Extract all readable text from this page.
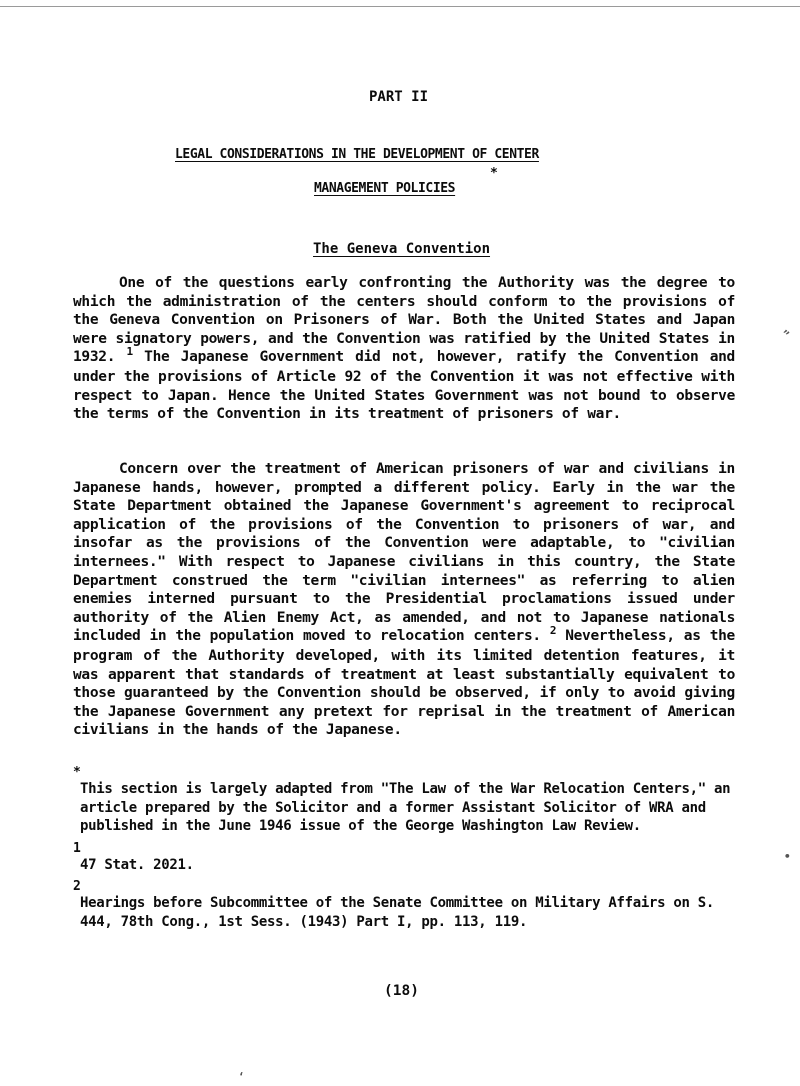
PART II
LEGAL CONSIDERATIONS IN THE DEVELOPMENT OF CENTER
*
MANAGEMENT POLICIES
The Geneva Convention

One of the questions early confronting the Authority was the degree to which the administration of the centers should conform to the provisions of the Geneva Convention on Prisoners of War. Both the United States and Japan were signatory powers, and the Convention was ratified by the United States in 1932. $^1$ The Japanese Government did not, however, ratify the Convention and under the provisions of Article 92 of the Convention it was not effective with respect to Japan. Hence the United States Government was not bound to observe the terms of the Convention in its treatment of prisoners of war.

Concern over the treatment of American prisoners of war and civilians in Japanese hands, however, prompted a different policy. Early in the war the State Department obtained the Japanese Government's agreement to reciprocal application of the provisions of the Convention to prisoners of war, and insofar as the provisions of the Convention were adaptable, to "civilian internees." With respect to Japanese civilians in this country, the State Department construed the term "civilian internees" as referring to alien enemies interned pursuant to the Presidential proclamations issued under authority of the Alien Enemy Act, as amended, and not to Japanese nationals included in the population moved to relocation centers. $^2$ Nevertheless, as the program of the Authority developed, with its limited detention features, it was apparent that standards of treatment at least substantially equivalent to those guaranteed by the Convention should be observed, if only to avoid giving the Japanese Government any pretext for reprisal in the treatment of American civilians in the hands of the Japanese.

*
This section is largely adapted from "The Law of the War Relocation Centers," an article prepared by the Solicitor and a former Assistant Solicitor of WRA and published in the June 1946 issue of the George Washington Law Review.
1
47 Stat. 2021.
2
Hearings before Subcommittee of the Senate Committee on Military Affairs on S. 444, 78th Cong., 1st Sess. (1943) Part I, pp. 113, 119.
(18)
„
•
‘
